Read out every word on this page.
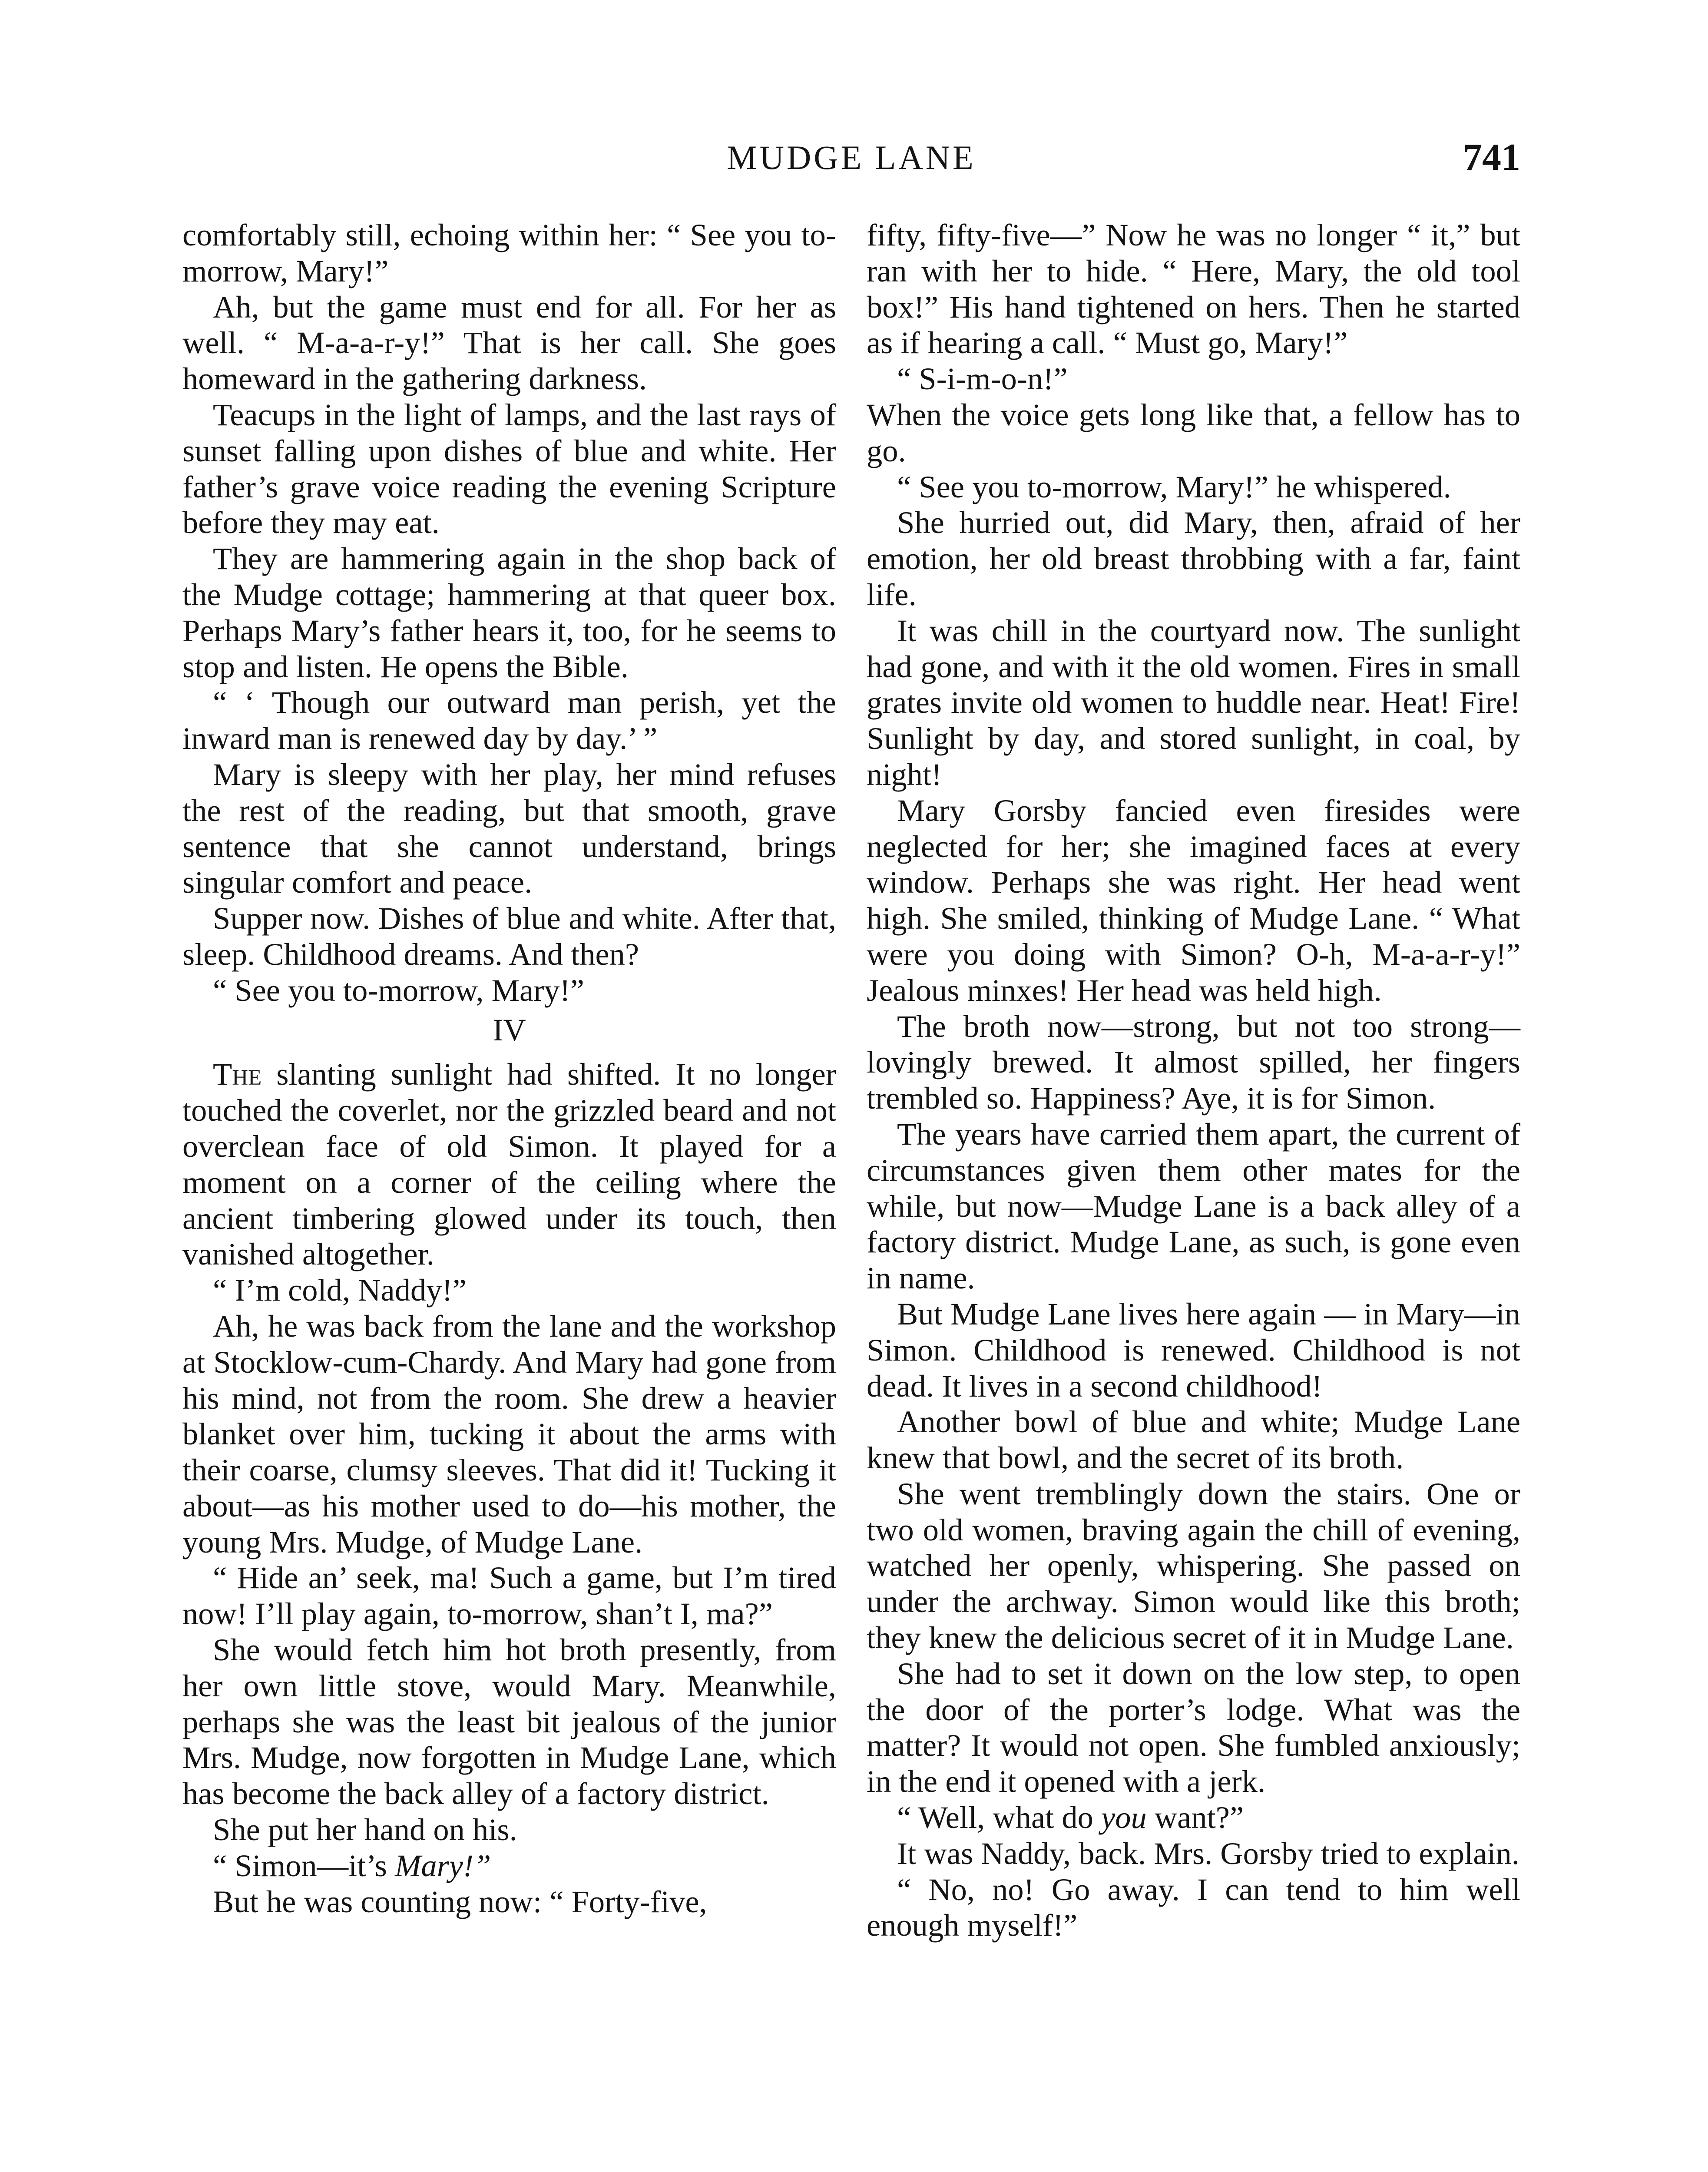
MUDGE LANE	741

comfortably still, echoing within her: “ See you to-morrow, Mary!”

Ah, but the game must end for all. For her as well. “ M-a-a-r-y!” That is her call. She goes homeward in the gathering darkness.

Teacups in the light of lamps, and the last rays of sunset falling upon dishes of blue and white. Her father’s grave voice reading the evening Scripture before they may eat.

They are hammering again in the shop back of the Mudge cottage; hammering at that queer box. Perhaps Mary’s father hears it, too, for he seems to stop and listen. He opens the Bible.

“ ‘ Though our outward man perish, yet the inward man is renewed day by day.’ ”

Mary is sleepy with her play, her mind refuses the rest of the reading, but that smooth, grave sentence that she cannot understand, brings singular comfort and peace.

Supper now. Dishes of blue and white. After that, sleep. Childhood dreams. And then?

“ See you to-morrow, Mary!”

IV

The slanting sunlight had shifted. It no longer touched the coverlet, nor the grizzled beard and not overclean face of old Simon. It played for a moment on a corner of the ceiling where the ancient timbering glowed under its touch, then vanished altogether.

“ I’m cold, Naddy!”

Ah, he was back from the lane and the workshop at Stocklow-cum-Chardy. And Mary had gone from his mind, not from the room. She drew a heavier blanket over him, tucking it about the arms with their coarse, clumsy sleeves. That did it! Tucking it about—as his mother used to do—his mother, the young Mrs. Mudge, of Mudge Lane.

“ Hide an’ seek, ma! Such a game, but I’m tired now! I’ll play again, to-morrow, shan’t I, ma?”

She would fetch him hot broth presently, from her own little stove, would Mary. Meanwhile, perhaps she was the least bit jealous of the junior Mrs. Mudge, now forgotten in Mudge Lane, which has become the back alley of a factory district.

She put her hand on his.

“ Simon—it’s Mary!”

But he was counting now: “ Forty-five,

fifty, fifty-five—” Now he was no longer “ it,” but ran with her to hide. “ Here, Mary, the old tool box!” His hand tightened on hers. Then he started as if hearing a call. “ Must go, Mary!”

“ S-i-m-o-n!”

When the voice gets long like that, a fellow has to go.

“ See you to-morrow, Mary!” he whispered.

She hurried out, did Mary, then, afraid of her emotion, her old breast throbbing with a far, faint life.

It was chill in the courtyard now. The sunlight had gone, and with it the old women. Fires in small grates invite old women to huddle near. Heat! Fire! Sunlight by day, and stored sunlight, in coal, by night!

Mary Gorsby fancied even firesides were neglected for her; she imagined faces at every window. Perhaps she was right. Her head went high. She smiled, thinking of Mudge Lane. “ What were you doing with Simon? O-h, M-a-a-r-y!” Jealous minxes! Her head was held high.

The broth now—strong, but not too strong—lovingly brewed. It almost spilled, her fingers trembled so. Happiness? Aye, it is for Simon.

The years have carried them apart, the current of circumstances given them other mates for the while, but now—Mudge Lane is a back alley of a factory district. Mudge Lane, as such, is gone even in name.

But Mudge Lane lives here again — in Mary—in Simon. Childhood is renewed. Childhood is not dead. It lives in a second childhood!

Another bowl of blue and white; Mudge Lane knew that bowl, and the secret of its broth.

She went tremblingly down the stairs. One or two old women, braving again the chill of evening, watched her openly, whispering. She passed on under the archway. Simon would like this broth; they knew the delicious secret of it in Mudge Lane.

She had to set it down on the low step, to open the door of the porter’s lodge. What was the matter? It would not open. She fumbled anxiously; in the end it opened with a jerk.

“ Well, what do you want?”

It was Naddy, back. Mrs. Gorsby tried to explain.

“ No, no! Go away. I can tend to him well enough myself!”
